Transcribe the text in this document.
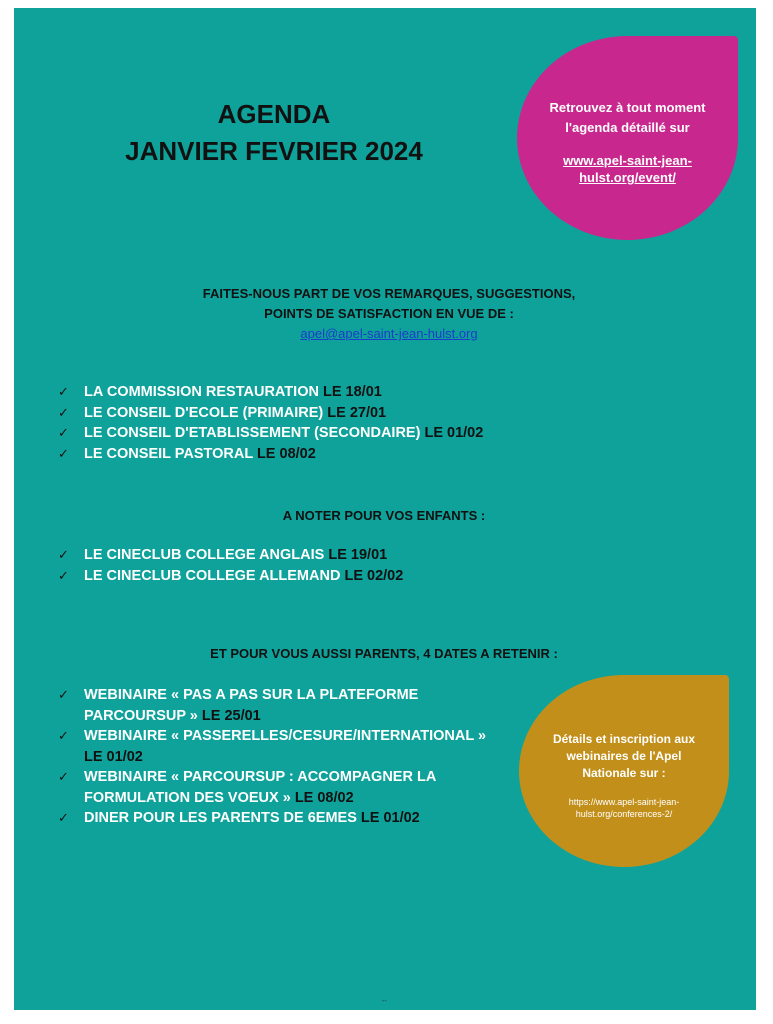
AGENDA
JANVIER FEVRIER 2024
Retrouvez à tout moment l'agenda détaillé sur
www.apel-saint-jean-hulst.org/event/
FAITES-NOUS PART DE VOS REMARQUES, SUGGESTIONS,
POINTS DE SATISFACTION EN VUE DE :
apel@apel-saint-jean-hulst.org
✓ LA COMMISSION RESTAURATION LE 18/01
✓ LE CONSEIL D'ECOLE (PRIMAIRE) LE 27/01
✓ LE CONSEIL D'ETABLISSEMENT (SECONDAIRE) LE 01/02
✓ LE CONSEIL PASTORAL LE 08/02
A NOTER POUR VOS ENFANTS :
✓ LE CINECLUB COLLEGE ANGLAIS LE 19/01
✓ LE CINECLUB COLLEGE ALLEMAND LE 02/02
ET POUR VOUS AUSSI PARENTS, 4 DATES A RETENIR :
✓ WEBINAIRE « PAS A PAS SUR LA PLATEFORME PARCOURSUP » LE 25/01
✓ WEBINAIRE « PASSERELLES/CESURE/INTERNATIONAL » LE 01/02
✓ WEBINAIRE « PARCOURSUP : ACCOMPAGNER LA FORMULATION DES VOEUX » LE 08/02
✓ DINER POUR LES PARENTS DE 6EMES LE 01/02
Détails et inscription aux webinaires de l'Apel Nationale sur :
https://www.apel-saint-jean-hulst.org/conferences-2/
--
